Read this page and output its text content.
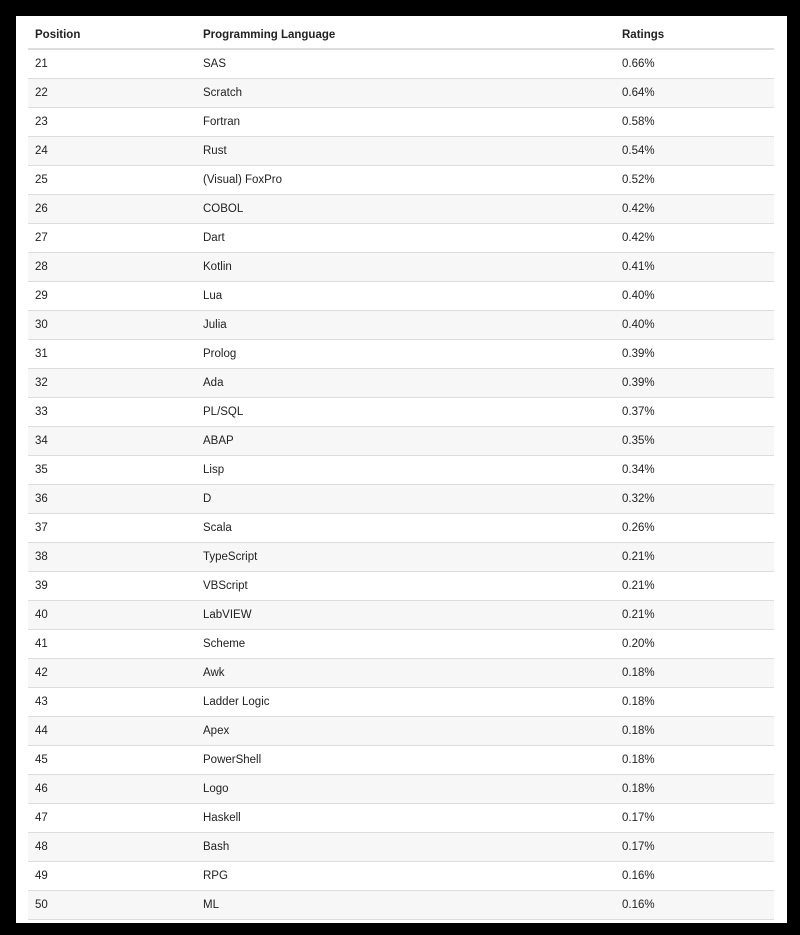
Position	Programming Language	Ratings
21	SAS	0.66%
22	Scratch	0.64%
23	Fortran	0.58%
24	Rust	0.54%
25	(Visual) FoxPro	0.52%
26	COBOL	0.42%
27	Dart	0.42%
28	Kotlin	0.41%
29	Lua	0.40%
30	Julia	0.40%
31	Prolog	0.39%
32	Ada	0.39%
33	PL/SQL	0.37%
34	ABAP	0.35%
35	Lisp	0.34%
36	D	0.32%
37	Scala	0.26%
38	TypeScript	0.21%
39	VBScript	0.21%
40	LabVIEW	0.21%
41	Scheme	0.20%
42	Awk	0.18%
43	Ladder Logic	0.18%
44	Apex	0.18%
45	PowerShell	0.18%
46	Logo	0.18%
47	Haskell	0.17%
48	Bash	0.17%
49	RPG	0.16%
50	ML	0.16%
